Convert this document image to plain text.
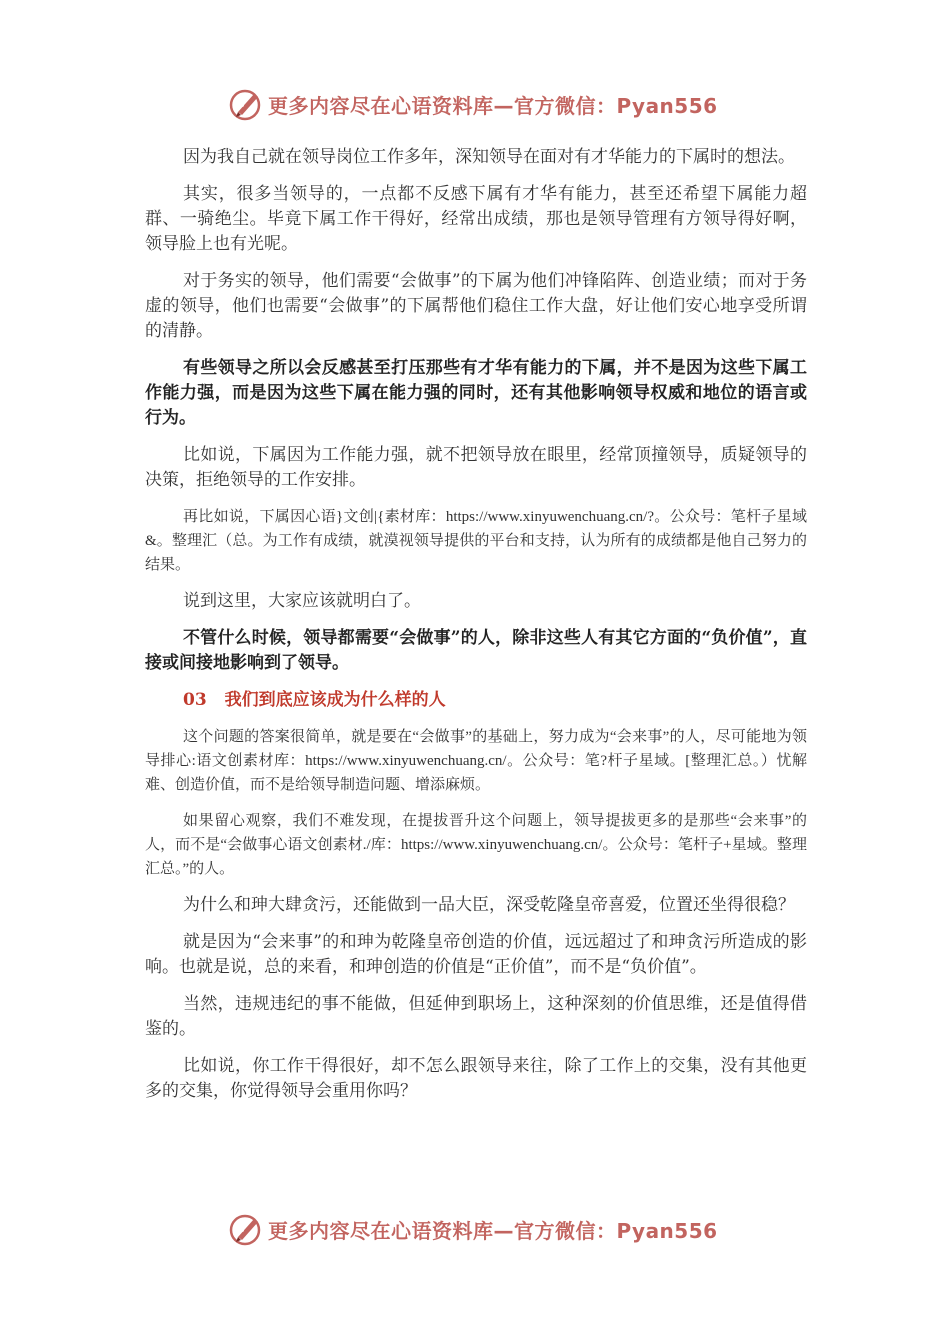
更多内容尽在心语资料库—官方微信：Pyan556

因为我自己就在领导岗位工作多年，深知领导在面对有才华能力的下属时的想法。

其实，很多当领导的，一点都不反感下属有才华有能力，甚至还希望下属能力超群、一骑绝尘。毕竟下属工作干得好，经常出成绩，那也是领导管理有方领导得好啊，领导脸上也有光呢。

对于务实的领导，他们需要“会做事”的下属为他们冲锋陷阵、创造业绩；而对于务虚的领导，他们也需要“会做事”的下属帮他们稳住工作大盘，好让他们安心地享受所谓的清静。

有些领导之所以会反感甚至打压那些有才华有能力的下属，并不是因为这些下属工作能力强，而是因为这些下属在能力强的同时，还有其他影响领导权威和地位的语言或行为。

比如说，下属因为工作能力强，就不把领导放在眼里，经常顶撞领导，质疑领导的决策，拒绝领导的工作安排。

再比如说，下属因心语}文创|{素材库：https://www.xinyuwenchuang.cn/?。公众号：笔杆子星域&。整理汇（总。为工作有成绩，就漠视领导提供的平台和支持，认为所有的成绩都是他自己努力的结果。

说到这里，大家应该就明白了。

不管什么时候，领导都需要“会做事”的人，除非这些人有其它方面的“负价值”，直接或间接地影响到了领导。

03 我们到底应该成为什么样的人

这个问题的答案很简单，就是要在“会做事”的基础上，努力成为“会来事”的人，尽可能地为领导排心:语文创素材库：https://www.xinyuwenchuang.cn/。公众号：笔?杆子星域。[整理汇总。）忧解难、创造价值，而不是给领导制造问题、增添麻烦。

如果留心观察，我们不难发现，在提拔晋升这个问题上，领导提拔更多的是那些“会来事”的人，而不是“会做事心语文创素材./库：https://www.xinyuwenchuang.cn/。公众号：笔杆子+星域。整理汇总。”的人。

为什么和珅大肆贪污，还能做到一品大臣，深受乾隆皇帝喜爱，位置还坐得很稳？

就是因为“会来事”的和珅为乾隆皇帝创造的价值，远远超过了和珅贪污所造成的影响。也就是说，总的来看，和珅创造的价值是“正价值”，而不是“负价值”。

当然，违规违纪的事不能做，但延伸到职场上，这种深刻的价值思维，还是值得借鉴的。

比如说，你工作干得很好，却不怎么跟领导来往，除了工作上的交集，没有其他更多的交集，你觉得领导会重用你吗？

更多内容尽在心语资料库—官方微信：Pyan556
